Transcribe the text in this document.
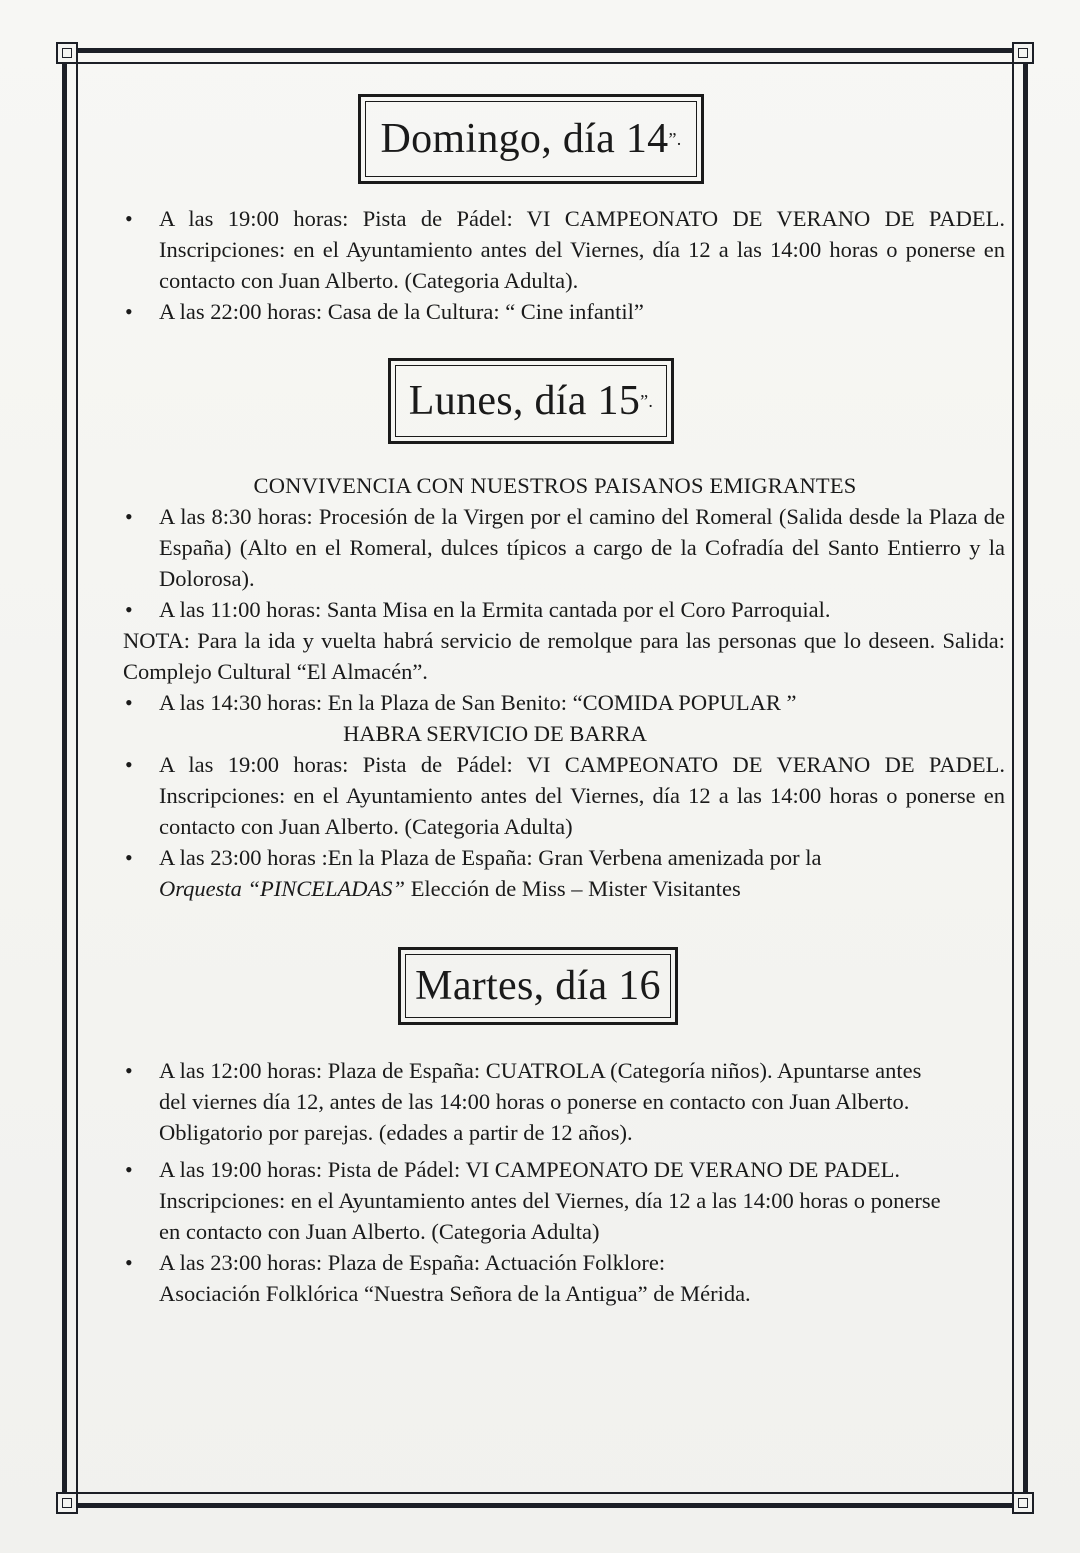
Domingo, día 14 ”.
• A las 19:00 horas: Pista de Pádel: VI CAMPEONATO DE VERANO DE PADEL. Inscripciones: en el Ayuntamiento antes del Viernes, día 12 a las 14:00 horas o ponerse en contacto con Juan Alberto. (Categoria Adulta).
• A las 22:00 horas: Casa de la Cultura: “ Cine infantil”
Lunes, día 15 ”.
CONVIVENCIA CON NUESTROS PAISANOS EMIGRANTES
• A las 8:30 horas: Procesión de la Virgen por el camino del Romeral (Salida desde la Plaza de España) (Alto en el Romeral, dulces típicos a cargo de la Cofradía del Santo Entierro y la Dolorosa).
• A las 11:00 horas: Santa Misa en la Ermita cantada por el Coro Parroquial.
NOTA: Para la ida y vuelta habrá servicio de remolque para las personas que lo deseen. Salida: Complejo Cultural “El Almacén”.
• A las 14:30 horas: En la Plaza de San Benito: “COMIDA POPULAR ”
HABRA SERVICIO DE BARRA
• A las 19:00 horas: Pista de Pádel: VI CAMPEONATO DE VERANO DE PADEL. Inscripciones: en el Ayuntamiento antes del Viernes, día 12 a las 14:00 horas o ponerse en contacto con Juan Alberto. (Categoria Adulta)
• A las 23:00 horas :En la Plaza de España: Gran Verbena amenizada por la
Orquesta “PINCELADAS” Elección de Miss – Mister Visitantes
Martes, día 16
• A las 12:00 horas: Plaza de España: CUATROLA (Categoría niños). Apuntarse antes del viernes día 12, antes de las 14:00 horas o ponerse en contacto con Juan Alberto. Obligatorio por parejas. (edades a partir de 12 años).
• A las 19:00 horas: Pista de Pádel: VI CAMPEONATO DE VERANO DE PADEL. Inscripciones: en el Ayuntamiento antes del Viernes, día 12 a las 14:00 horas o ponerse en contacto con Juan Alberto. (Categoria Adulta)
• A las 23:00 horas: Plaza de España: Actuación Folklore:
Asociación Folklórica “Nuestra Señora de la Antigua” de Mérida.
